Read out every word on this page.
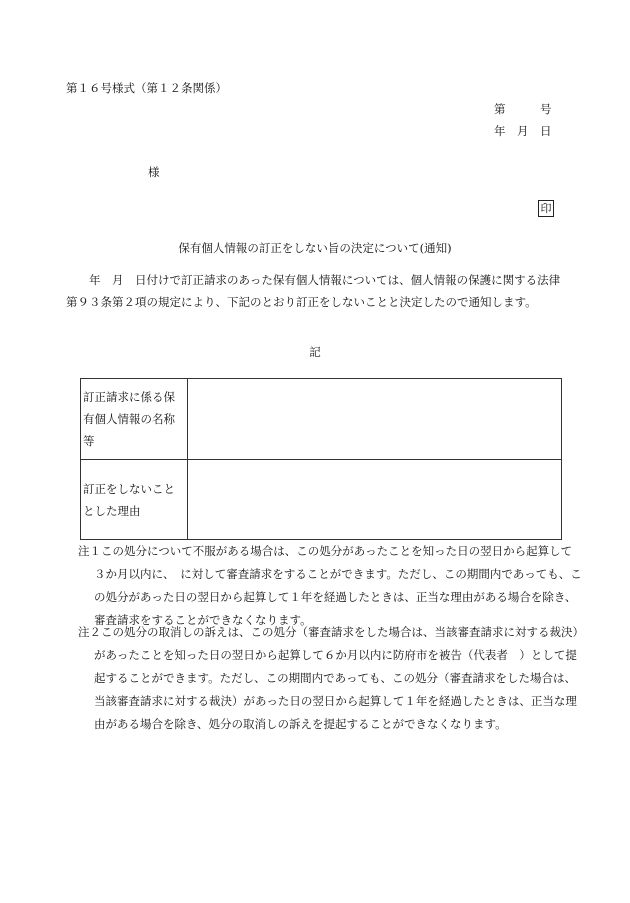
第１６号様式（第１２条関係）
第　　　号
年　月　日
様
印
保有個人情報の訂正をしない旨の決定について(通知)
年　月　日付けで訂正請求のあった保有個人情報については、個人情報の保護に関する法律第９３条第２項の規定により、下記のとおり訂正をしないことと決定したので通知します。
記
訂正請求に係る保有個人情報の名称等	
訂正をしないこととした理由	
注１この処分について不服がある場合は、この処分があったことを知った日の翌日から起算して３か月以内に、　に対して審査請求をすることができます。ただし、この期間内であっても、この処分があった日の翌日から起算して１年を経過したときは、正当な理由がある場合を除き、審査請求をすることができなくなります。
注２この処分の取消しの訴えは、この処分（審査請求をした場合は、当該審査請求に対する裁決）があったことを知った日の翌日から起算して６か月以内に防府市を被告（代表者　）として提起することができます。ただし、この期間内であっても、この処分（審査請求をした場合は、当該審査請求に対する裁決）があった日の翌日から起算して１年を経過したときは、正当な理由がある場合を除き、処分の取消しの訴えを提起することができなくなります。
